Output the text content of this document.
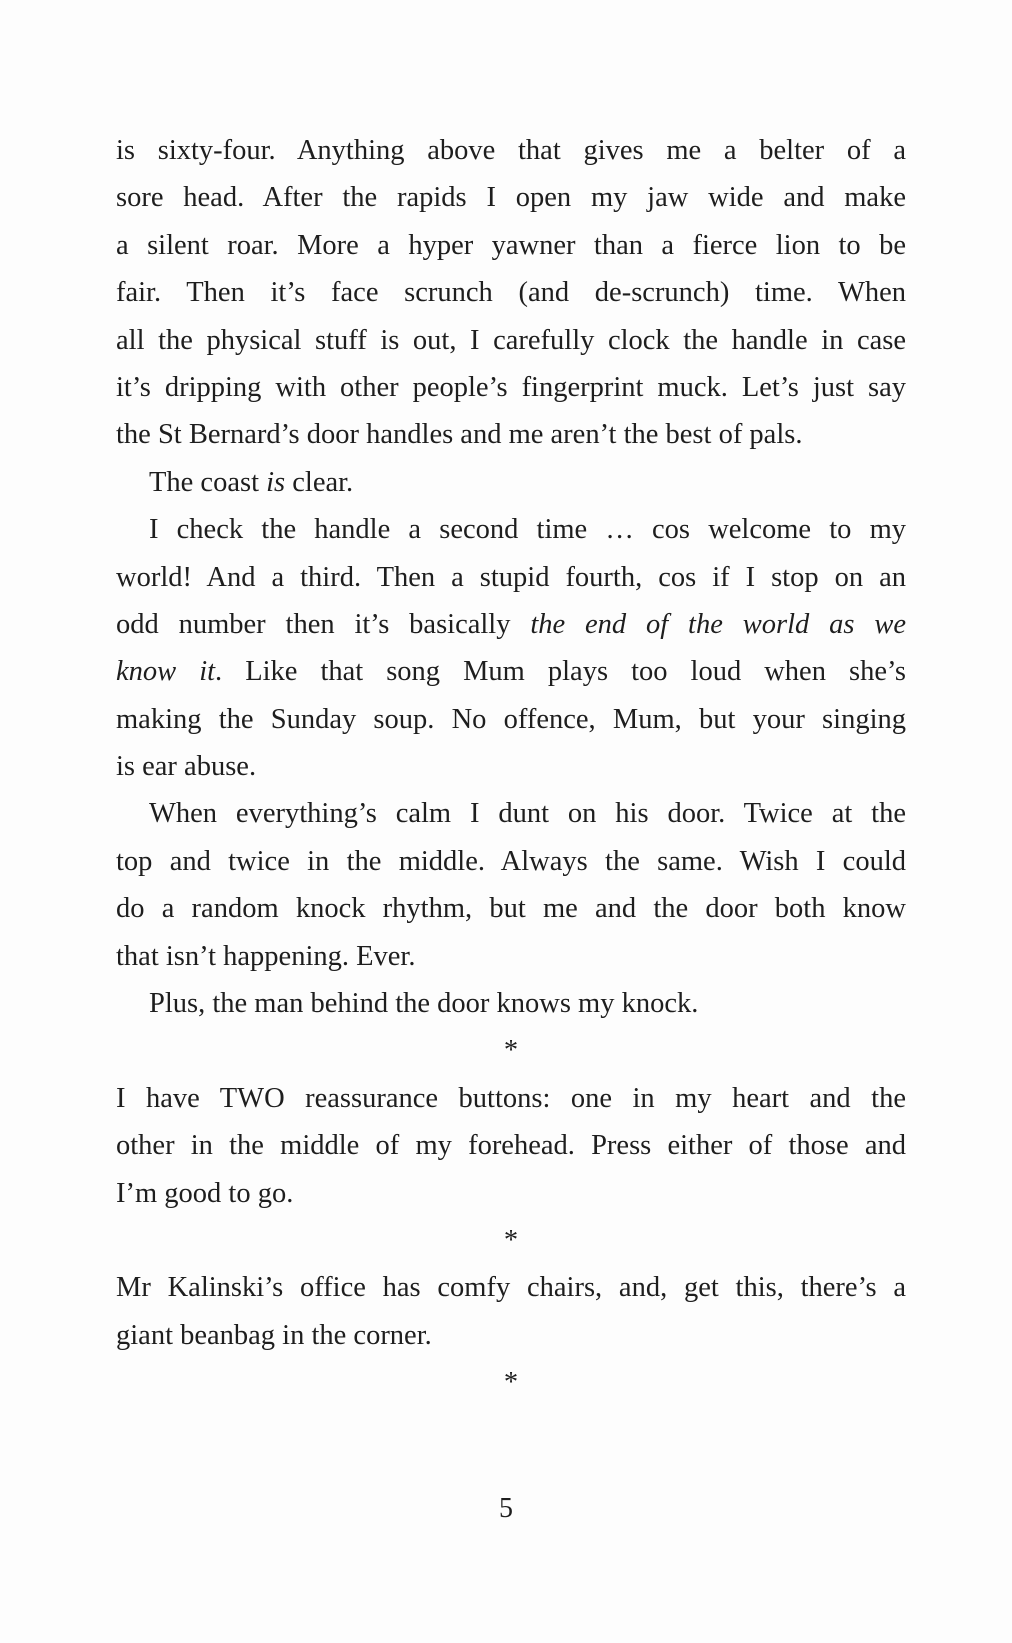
is sixty-four. Anything above that gives me a belter of a
sore head. After the rapids I open my jaw wide and make
a silent roar. More a hyper yawner than a fierce lion to be
fair. Then it’s face scrunch (and de-scrunch) time. When
all the physical stuff is out, I carefully clock the handle in case
it’s dripping with other people’s fingerprint muck. Let’s just say
the St Bernard’s door handles and me aren’t the best of pals.
The coast is clear.
I check the handle a second time … cos welcome to my
world! And a third. Then a stupid fourth, cos if I stop on an
odd number then it’s basically the end of the world as we
know it. Like that song Mum plays too loud when she’s
making the Sunday soup. No offence, Mum, but your singing
is ear abuse.
When everything’s calm I dunt on his door. Twice at the
top and twice in the middle. Always the same. Wish I could
do a random knock rhythm, but me and the door both know
that isn’t happening. Ever.
Plus, the man behind the door knows my knock.
*
I have TWO reassurance buttons: one in my heart and the
other in the middle of my forehead. Press either of those and
I’m good to go.
*
Mr Kalinski’s office has comfy chairs, and, get this, there’s a
giant beanbag in the corner.
*
5
